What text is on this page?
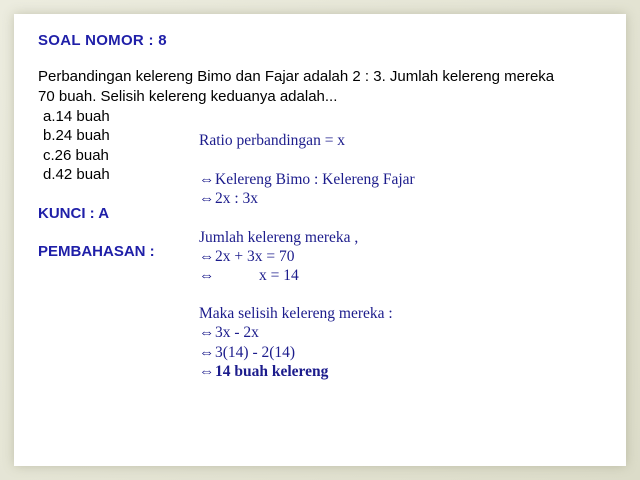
SOAL NOMOR : 8
Perbandingan kelereng Bimo dan Fajar adalah 2 : 3. Jumlah kelereng mereka
70 buah. Selisih kelereng keduanya adalah...
a.14 buah
b.24 buah
c.26 buah
d.42 buah
KUNCI : A
PEMBAHASAN :
Ratio perbandingan = x
⇔Kelereng Bimo : Kelereng Fajar
⇔2x : 3x
Jumlah kelereng mereka ,
⇔2x + 3x = 70
⇔	x = 14
Maka selisih kelereng mereka :
⇔3x - 2x
⇔3(14) - 2(14)
⇔14 buah kelereng
